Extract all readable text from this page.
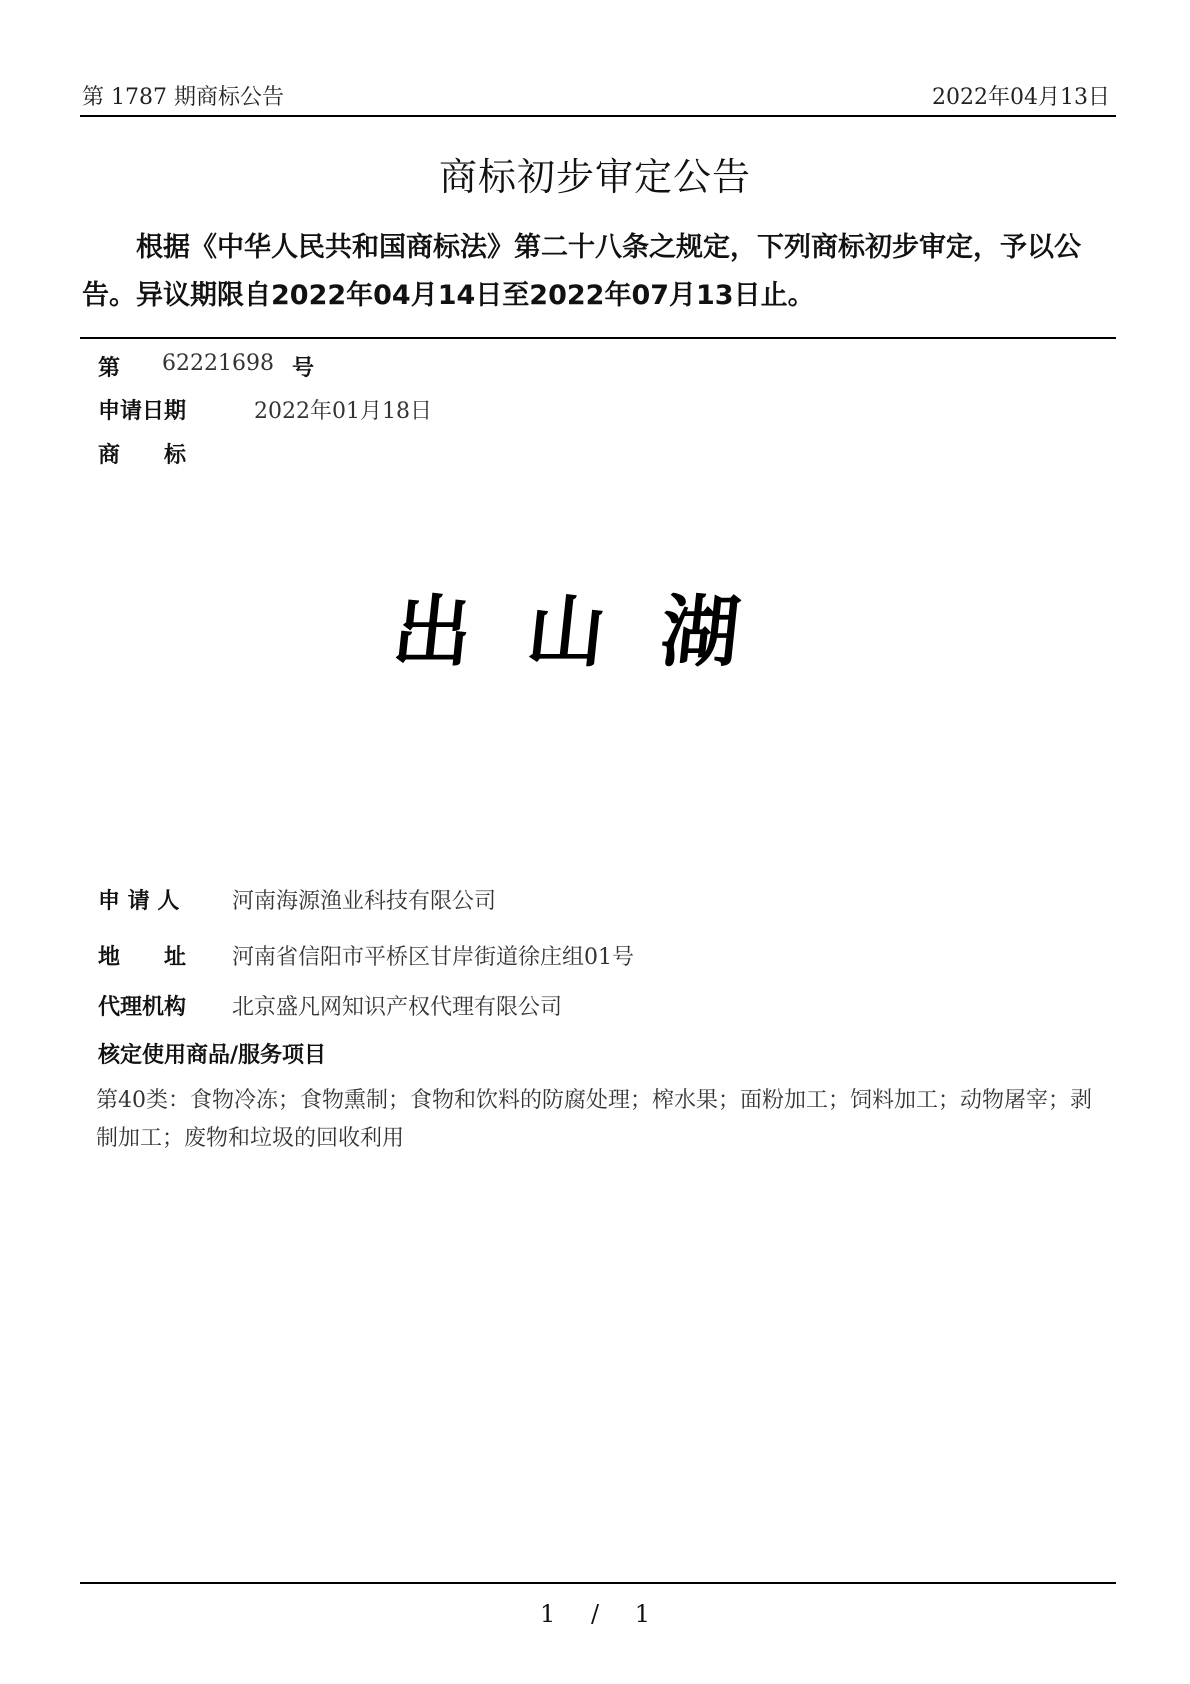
第 1787 期商标公告	2022年04月13日
商标初步审定公告
根据《中华人民共和国商标法》第二十八条之规定，下列商标初步审定，予以公告。异议期限自2022年04月14日至2022年07月13日止。
第 62221698 号
申请日期	2022年01月18日
商　　标
出山湖
申 请 人 河南海源渔业科技有限公司
地　　址 河南省信阳市平桥区甘岸街道徐庄组01号
代理机构 北京盛凡网知识产权代理有限公司
核定使用商品/服务项目
第40类：食物冷冻；食物熏制；食物和饮料的防腐处理；榨水果；面粉加工；饲料加工；动物屠宰；剥制加工；废物和垃圾的回收利用
1 / 1
